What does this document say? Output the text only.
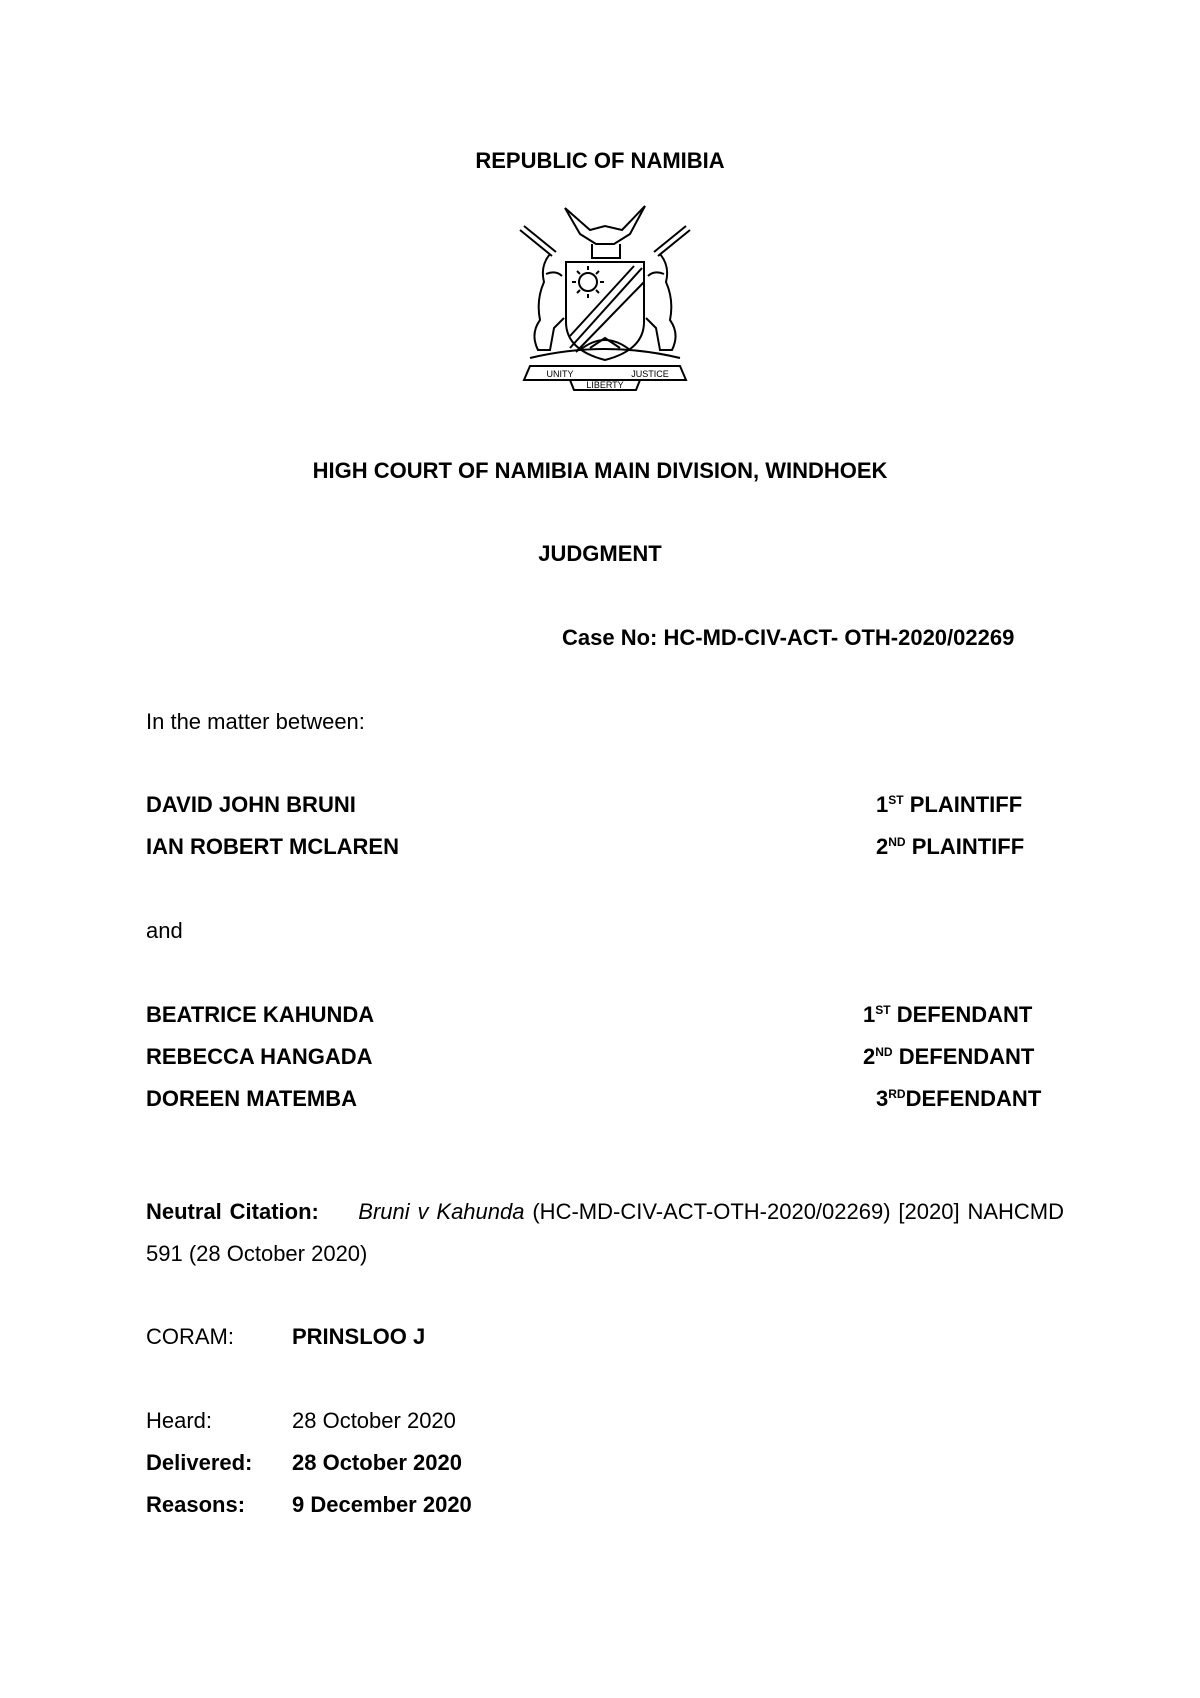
REPUBLIC OF NAMIBIA
UNITY	JUSTICE
LIBERTY
HIGH COURT OF NAMIBIA MAIN DIVISION, WINDHOEK
JUDGMENT
Case No: HC-MD-CIV-ACT- OTH-2020/02269
In the matter between:
DAVID JOHN BRUNI	1ST PLAINTIFF
IAN ROBERT MCLAREN	2ND PLAINTIFF
and
BEATRICE KAHUNDA	1ST DEFENDANT
REBECCA HANGADA	2ND DEFENDANT
DOREEN MATEMBA	3RDDEFENDANT
Neutral Citation: Bruni v Kahunda (HC-MD-CIV-ACT-OTH-2020/02269) [2020] NAHCMD 591 (28 October 2020)
CORAM:	PRINSLOO J
Heard:	28 October 2020
Delivered: 28 October 2020
Reasons: 9 December 2020
